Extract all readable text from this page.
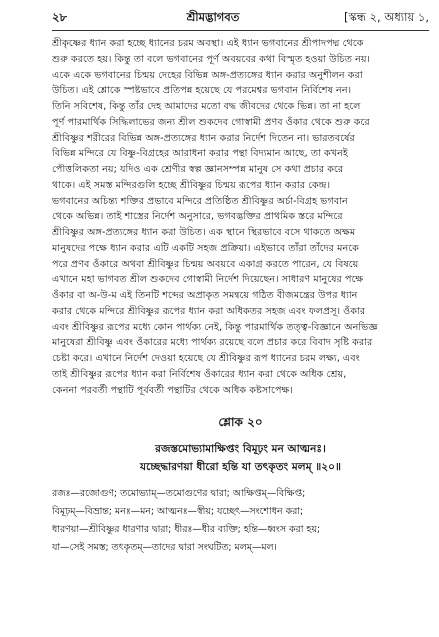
২৮	শ্রীমদ্ভাগবত	[স্কন্ধ ২, অধ্যায় ১,
শ্রীকৃষ্ণের ধ্যান করা হচ্ছে ধ্যানের চরম অবস্থা। এই ধ্যান ভগবানের শ্রীপাদপদ্ম থেকে
শুরু করতে হয়। কিন্তু তা বলে ভগবানের পূর্ণ অবয়বের কথা বিস্মৃত হওয়া উচিত নয়।
একে একে ভগবানের চিন্ময় দেহের বিভিন্ন অঙ্গ-প্রত্যঙ্গের ধ্যান করার অনুশীলন করা
উচিত। এই শ্লোকে স্পষ্টভাবে প্রতিপন্ন হয়েছে যে পরমেশ্বর ভগবান নির্বিশেষ নন।
তিনি সবিশেষ, কিন্তু তাঁর দেহ আমাদের মতো বদ্ধ জীবদের থেকে ভিন্ন। তা না হলে
পূর্ণ পারমার্থিক সিদ্ধিলাভের জন্য শ্রীল শুকদেব গোস্বামী প্রণব ওঁকার থেকে শুরু করে
শ্রীবিষ্ণুর শরীরের বিভিন্ন অঙ্গ-প্রত্যঙ্গের ধ্যান করার নির্দেশ দিতেন না। ভারতবর্ষের
বিভিন্ন মন্দিরে যে বিষ্ণু-বিগ্রহের আরাধনা করার পন্থা বিদ্যমান আছে, তা কখনই
পৌত্তলিকতা নয়; যদিও এক শ্রেণীর স্বল্প জ্ঞানসম্পন্ন মানুষ সে কথা প্রচার করে
থাকে। এই সমস্ত মন্দিরগুলি হচ্ছে শ্রীবিষ্ণুর চিন্ময় রূপের ধ্যান করার কেন্দ্র।
ভগবানের অচিন্ত্য শক্তির প্রভাবে মন্দিরে প্রতিষ্ঠিত শ্রীবিষ্ণুর অর্চা-বিগ্রহ ভগবান
থেকে অভিন্ন। তাই শাস্ত্রের নির্দেশ অনুসারে, ভগবদ্ভক্তির প্রাথমিক স্তরে মন্দিরে
শ্রীবিষ্ণুর অঙ্গ-প্রত্যঙ্গের ধ্যান করা উচিত। এক স্থানে স্থিরভাবে বসে থাকতে অক্ষম
মানুষদের পক্ষে ধ্যান করার এটি একটি সহজ প্রক্রিয়া। এইভাবে তাঁরা তাঁদের মনকে
পরে প্রণব ওঁকারে অথবা শ্রীবিষ্ণুর চিন্ময় অবয়বে একাগ্র করতে পারেন, যে বিষয়ে
এখানে মহা ভাগবত শ্রীল শুকদেব গোস্বামী নির্দেশ দিয়েছেন। সাধারণ মানুষের পক্ষে
ওঁকার বা অ-উ-ম এই তিনটি শব্দের অপ্রাকৃত সমন্বয়ে গঠিত বীজমন্ত্রের উপর ধ্যান
করার থেকে মন্দিরে শ্রীবিষ্ণুর রূপের ধ্যান করা অধিকতর সহজ এবং ফলপ্রসূ। ওঁকার
এবং শ্রীবিষ্ণুর রূপের মধ্যে কোন পার্থক্য নেই, কিন্তু পারমার্থিক তত্ত্ব-বিজ্ঞানে অনভিজ্ঞ
মানুষেরা শ্রীবিষ্ণু এবং ওঁকারের মধ্যে পার্থক্য রয়েছে বলে প্রচার করে বিবাদ সৃষ্টি করার
চেষ্টা করে। এখানে নির্দেশ দেওয়া হয়েছে যে শ্রীবিষ্ণুর রূপ ধ্যানের চরম লক্ষ্য, এবং
তাই শ্রীবিষ্ণুর রূপের ধ্যান করা নির্বিশেষ ওঁকারের ধ্যান করা থেকে অধিক শ্রেয়,
কেননা পরবর্তী পন্থাটি পূর্ববর্তী পন্থাটির থেকে অধিক কষ্টসাপেক্ষ।
শ্লোক ২০
রজস্তমোভ্যামাক্ষিপ্তং বিমূঢ়ং মন আত্মনঃ।
যচ্ছেদ্ধারণয়া ধীরো হন্তি যা তৎকৃতং মলম্ ॥২০॥
রজঃ—রজোগুণ; তমোভ্যাম্—তমোগুণের দ্বারা; আক্ষিপ্তম্—বিক্ষিপ্ত;
বিমূঢ়ম্—বিভ্রান্ত; মনঃ—মন; আত্মনঃ—স্বীয়; যচ্ছেৎ—সংশোধন করা;
ধারণয়া—শ্রীবিষ্ণুর ধারণার দ্বারা; ধীরঃ—ধীর ব্যক্তি; হন্তি—ধ্বংস করা হয়;
যা—সেই সমস্ত; তৎকৃতম্—তাদের দ্বারা সংঘটিত; মলম্—মল।
